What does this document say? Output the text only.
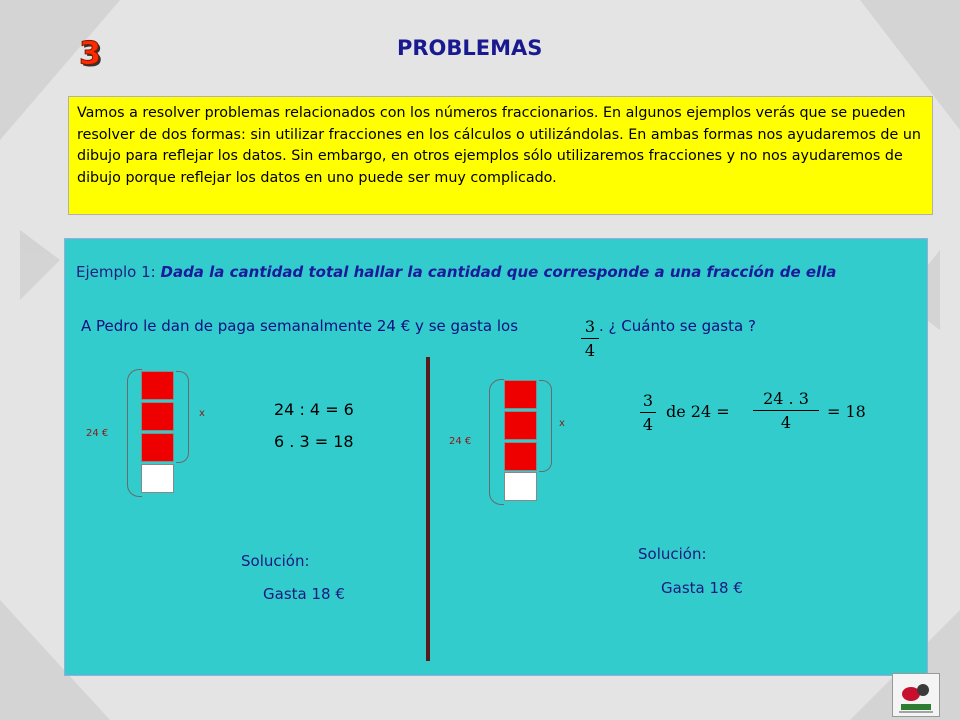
3	PROBLEMAS
Vamos a resolver problemas relacionados con los números fraccionarios. En algunos ejemplos verás que se pueden resolver de dos formas: sin utilizar fracciones en los cálculos o utilizándolas. En ambas formas nos ayudaremos de un dibujo para reflejar los datos. Sin embargo, en otros ejemplos sólo utilizaremos fracciones y no nos ayudaremos de dibujo porque reflejar los datos en uno puede ser muy complicado.
Ejemplo 1: Dada la cantidad total hallar la cantidad que corresponde a una fracción de ella
A Pedro le dan de paga semanalmente 24 € y se gasta los	3
4
. ¿ Cuánto se gasta ?
24 €
x	24 : 4 = 6
6 . 3 = 18
Solución:
Gasta 18 €
24 €
x
3
4
de 24 =
24 . 3
4
= 18
Solución:
Gasta 18 €
